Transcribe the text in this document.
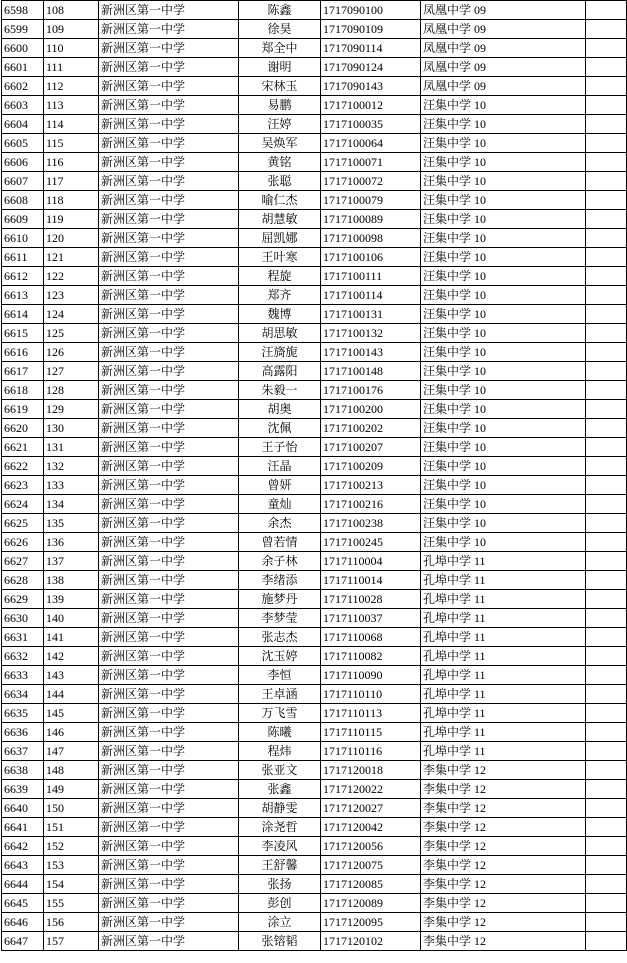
6598	108	新洲区第一中学	陈鑫	1717090100	凤凰中学 09	
6599	109	新洲区第一中学	徐昊	1717090109	凤凰中学 09	
6600	110	新洲区第一中学	郑全中	1717090114	凤凰中学 09	
6601	111	新洲区第一中学	谢明	1717090124	凤凰中学 09	
6602	112	新洲区第一中学	宋林玉	1717090143	凤凰中学 09	
6603	113	新洲区第一中学	易鹏	1717100012	汪集中学 10	
6604	114	新洲区第一中学	汪婷	1717100035	汪集中学 10	
6605	115	新洲区第一中学	吴焕军	1717100064	汪集中学 10	
6606	116	新洲区第一中学	黄铭	1717100071	汪集中学 10	
6607	117	新洲区第一中学	张聪	1717100072	汪集中学 10	
6608	118	新洲区第一中学	喻仁杰	1717100079	汪集中学 10	
6609	119	新洲区第一中学	胡慧敏	1717100089	汪集中学 10	
6610	120	新洲区第一中学	屈凯娜	1717100098	汪集中学 10	
6611	121	新洲区第一中学	王叶寒	1717100106	汪集中学 10	
6612	122	新洲区第一中学	程旋	1717100111	汪集中学 10	
6613	123	新洲区第一中学	郑齐	1717100114	汪集中学 10	
6614	124	新洲区第一中学	魏博	1717100131	汪集中学 10	
6615	125	新洲区第一中学	胡思敏	1717100132	汪集中学 10	
6616	126	新洲区第一中学	汪旖旎	1717100143	汪集中学 10	
6617	127	新洲区第一中学	高露阳	1717100148	汪集中学 10	
6618	128	新洲区第一中学	朱毅一	1717100176	汪集中学 10	
6619	129	新洲区第一中学	胡奥	1717100200	汪集中学 10	
6620	130	新洲区第一中学	沈佩	1717100202	汪集中学 10	
6621	131	新洲区第一中学	王子怡	1717100207	汪集中学 10	
6622	132	新洲区第一中学	汪晶	1717100209	汪集中学 10	
6623	133	新洲区第一中学	曾妍	1717100213	汪集中学 10	
6624	134	新洲区第一中学	童灿	1717100216	汪集中学 10	
6625	135	新洲区第一中学	余杰	1717100238	汪集中学 10	
6626	136	新洲区第一中学	曾若情	1717100245	汪集中学 10	
6627	137	新洲区第一中学	余子林	1717110004	孔埠中学 11	
6628	138	新洲区第一中学	李绪添	1717110014	孔埠中学 11	
6629	139	新洲区第一中学	施梦丹	1717110028	孔埠中学 11	
6630	140	新洲区第一中学	李梦莹	1717110037	孔埠中学 11	
6631	141	新洲区第一中学	张志杰	1717110068	孔埠中学 11	
6632	142	新洲区第一中学	沈玉婷	1717110082	孔埠中学 11	
6633	143	新洲区第一中学	李恒	1717110090	孔埠中学 11	
6634	144	新洲区第一中学	王卓涵	1717110110	孔埠中学 11	
6635	145	新洲区第一中学	万飞雪	1717110113	孔埠中学 11	
6636	146	新洲区第一中学	陈曦	1717110115	孔埠中学 11	
6637	147	新洲区第一中学	程炜	1717110116	孔埠中学 11	
6638	148	新洲区第一中学	张亚文	1717120018	李集中学 12	
6639	149	新洲区第一中学	张鑫	1717120022	李集中学 12	
6640	150	新洲区第一中学	胡静雯	1717120027	李集中学 12	
6641	151	新洲区第一中学	涂尧哲	1717120042	李集中学 12	
6642	152	新洲区第一中学	李凌风	1717120056	李集中学 12	
6643	153	新洲区第一中学	王舒馨	1717120075	李集中学 12	
6644	154	新洲区第一中学	张扬	1717120085	李集中学 12	
6645	155	新洲区第一中学	彭创	1717120089	李集中学 12	
6646	156	新洲区第一中学	涂立	1717120095	李集中学 12	
6647	157	新洲区第一中学	张镕韬	1717120102	李集中学 12	
